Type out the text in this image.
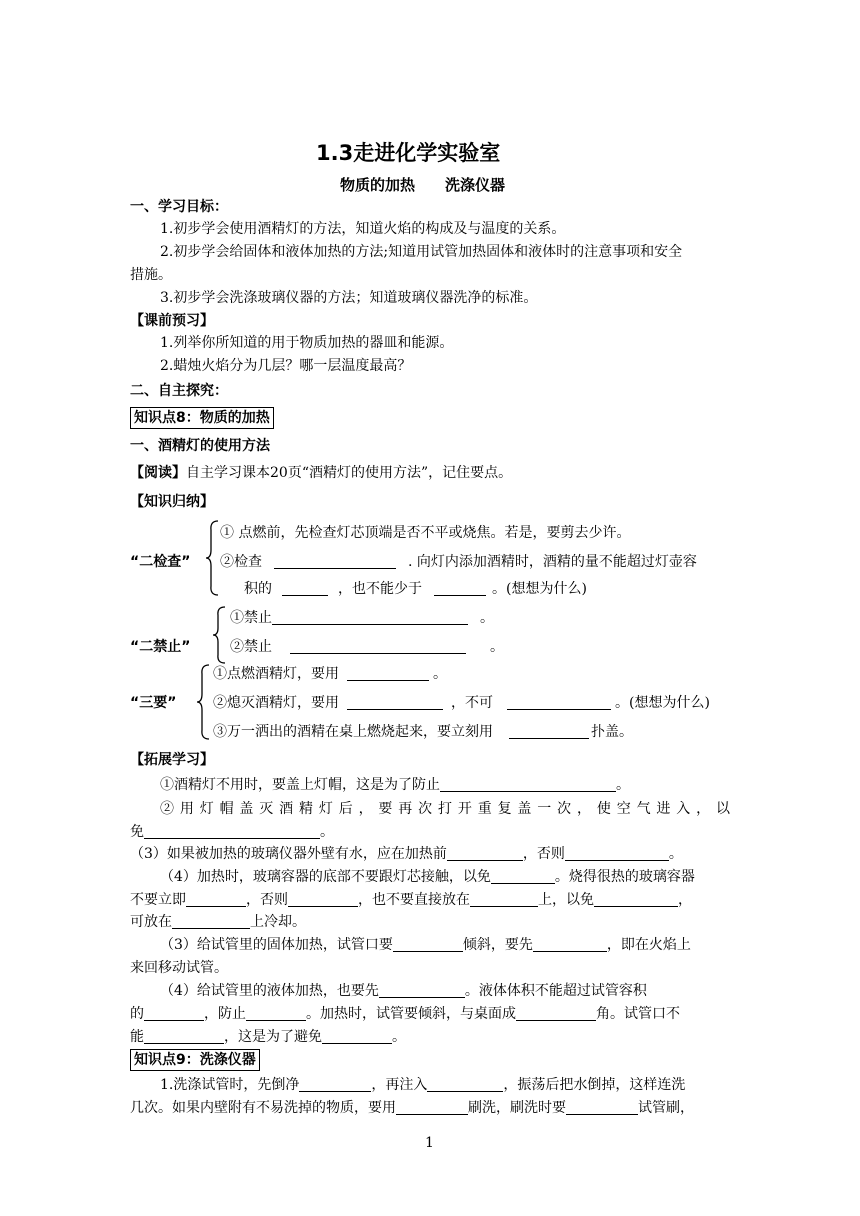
1.3走进化学实验室
物质的加热　　洗涤仪器
一、学习目标：
1.初步学会使用酒精灯的方法，知道火焰的构成及与温度的关系。
2.初步学会给固体和液体加热的方法;知道用试管加热固体和液体时的注意事项和安全
措施。
3.初步学会洗涤玻璃仪器的方法；知道玻璃仪器洗净的标准。
【课前预习】
1.列举你所知道的用于物质加热的器皿和能源。
2.蜡烛火焰分为几层？哪一层温度最高？
二、自主探究：
知识点8：物质的加热
一、酒精灯的使用方法
【阅读】自主学习课本20页“酒精灯的使用方法”，记住要点。
【知识归纳】
“二检查”
① 点燃前，先检查灯芯顶端是否不平或烧焦。若是，要剪去少许。
②检查	. 向灯内添加酒精时，酒精的量不能超过灯壶容
积的	，也不能少于	。(想想为什么)
“二禁止”
①禁止	。
②禁止	。
“三要”
①点燃酒精灯，要用	。
②熄灭酒精灯，要用	，不可	。(想想为什么)
③万一洒出的酒精在桌上燃烧起来，要立刻用	扑盖。
【拓展学习】
①酒精灯不用时，要盖上灯帽，这是为了防止	。
②用灯帽盖灭酒精灯后，要再次打开重复盖一次，使空气进入，以
免	。
（3）如果被加热的玻璃仪器外壁有水，应在加热前	，否则	。
（4）加热时，玻璃容器的底部不要跟灯芯接触，以免	。烧得很热的玻璃容器
不要立即	，否则	，也不要直接放在	上，以免	，
可放在	上冷却。
（3）给试管里的固体加热，试管口要	倾斜，要先	，即在火焰上
来回移动试管。
（4）给试管里的液体加热，也要先	。液体体积不能超过试管容积
的	，防止	。加热时，试管要倾斜，与桌面成	角。试管口不
能	，这是为了避免	。
知识点9：洗涤仪器
1.洗涤试管时，先倒净	，再注入	，振荡后把水倒掉，这样连洗
几次。如果内壁附有不易洗掉的物质，要用	刷洗，刷洗时要	试管刷，
1
